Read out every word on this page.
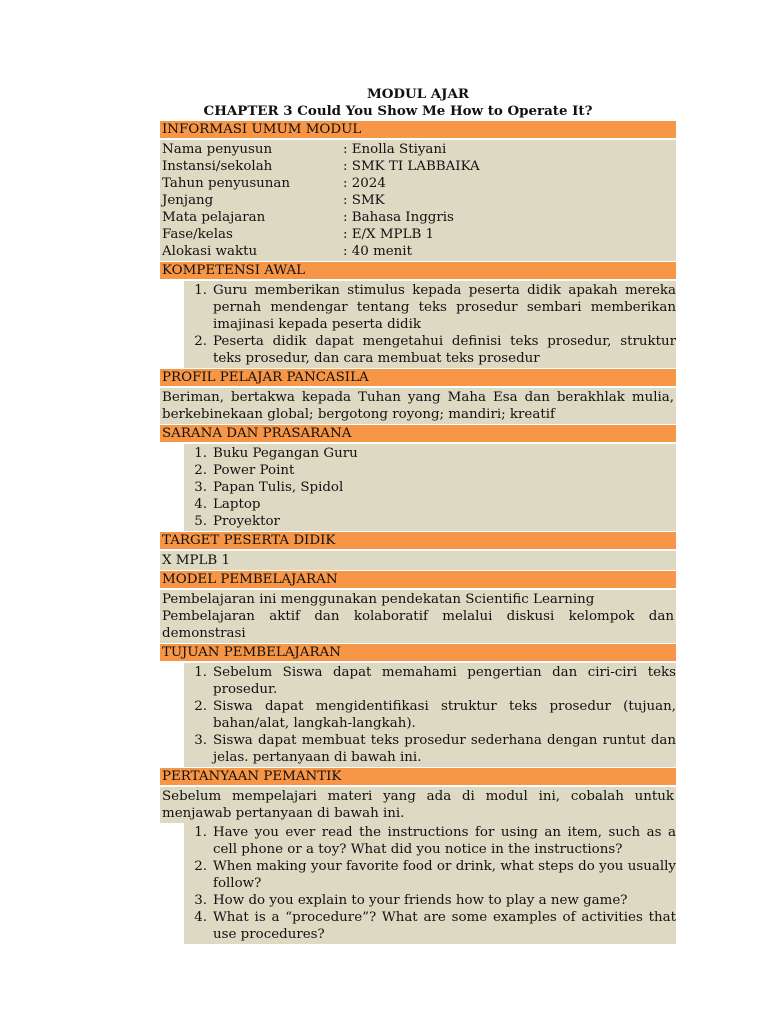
MODUL AJAR
CHAPTER 3 Could You Show Me How to Operate It?
INFORMASI UMUM MODUL
Nama penyusun	: Enolla Stiyani
Instansi/sekolah	: SMK TI LABBAIKA
Tahun penyusunan	: 2024
Jenjang	: SMK
Mata pelajaran	: Bahasa Inggris
Fase/kelas	: E/X MPLB 1
Alokasi waktu	: 40 menit
KOMPETENSI AWAL
1. Guru memberikan stimulus kepada peserta didik apakah mereka pernah mendengar tentang teks prosedur sembari memberikan imajinasi kepada peserta didik
2. Peserta didik dapat mengetahui definisi teks prosedur, struktur teks prosedur, dan cara membuat teks prosedur
PROFIL PELAJAR PANCASILA
Beriman, bertakwa kepada Tuhan yang Maha Esa dan berakhlak mulia, berkebinekaan global; bergotong royong; mandiri; kreatif
SARANA DAN PRASARANA
1. Buku Pegangan Guru
2. Power Point
3. Papan Tulis, Spidol
4. Laptop
5. Proyektor
TARGET PESERTA DIDIK
X MPLB 1
MODEL PEMBELAJARAN
Pembelajaran ini menggunakan pendekatan Scientific Learning
Pembelajaran aktif dan kolaboratif melalui diskusi kelompok dan demonstrasi
TUJUAN PEMBELAJARAN
1. Sebelum Siswa dapat memahami pengertian dan ciri-ciri teks prosedur.
2. Siswa dapat mengidentifikasi struktur teks prosedur (tujuan, bahan/alat, langkah-langkah).
3. Siswa dapat membuat teks prosedur sederhana dengan runtut dan jelas. pertanyaan di bawah ini.
PERTANYAAN PEMANTIK
Sebelum mempelajari materi yang ada di modul ini, cobalah untuk menjawab pertanyaan di bawah ini.
1. Have you ever read the instructions for using an item, such as a cell phone or a toy? What did you notice in the instructions?
2. When making your favorite food or drink, what steps do you usually follow?
3. How do you explain to your friends how to play a new game?
4. What is a “procedure”? What are some examples of activities that use procedures?
